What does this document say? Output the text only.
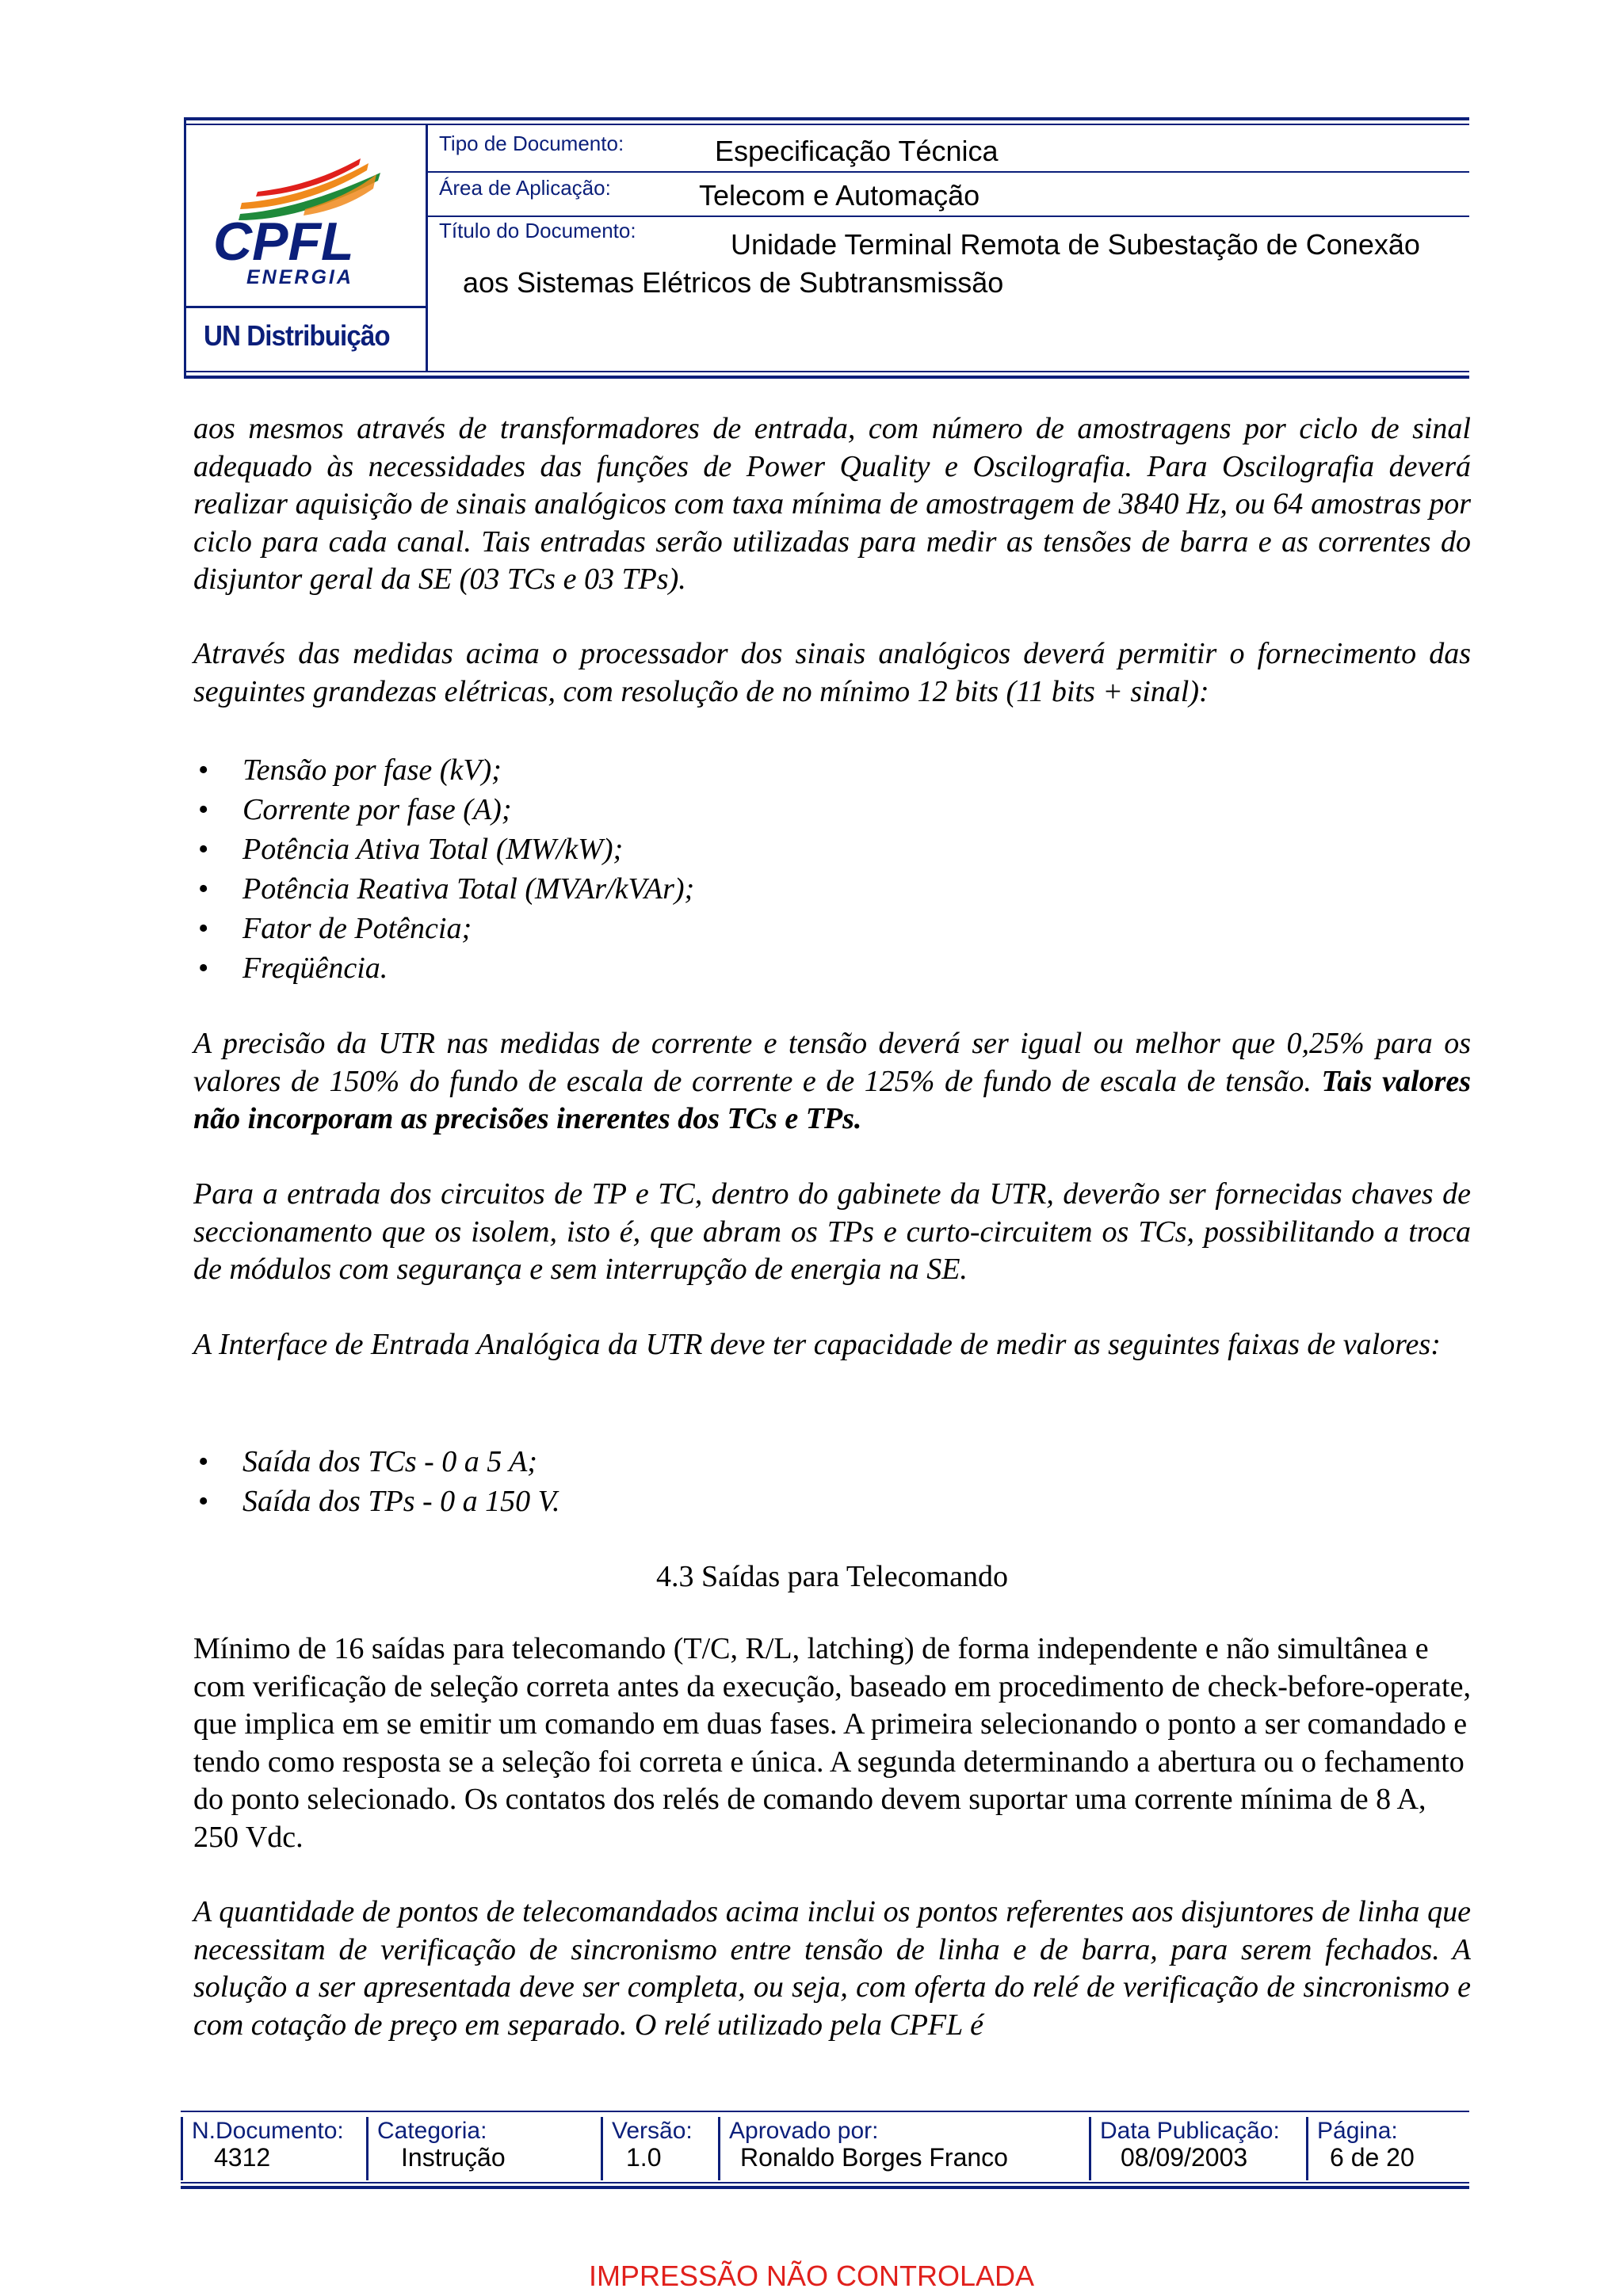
CPFL
ENERGIA
UN Distribuição
Tipo de Documento:	Especificação Técnica
Área de Aplicação:	Telecom e Automação
Título do Documento:	Unidade Terminal Remota de Subestação de Conexão
aos Sistemas Elétricos de Subtransmissão

aos mesmos através de transformadores de entrada, com número de amostragens por ciclo de sinal adequado às necessidades das funções de Power Quality e Oscilografia. Para Oscilografia deverá realizar aquisição de sinais analógicos com taxa mínima de amostragem de 3840 Hz, ou 64 amostras por ciclo para cada canal. Tais entradas serão utilizadas para medir as tensões de barra e as correntes do disjuntor geral da SE (03 TCs e 03 TPs).

Através das medidas acima o processador dos sinais analógicos deverá permitir o fornecimento das seguintes grandezas elétricas, com resolução de no mínimo 12 bits (11 bits + sinal):

• Tensão por fase (kV);
• Corrente por fase (A);
• Potência Ativa Total (MW/kW);
• Potência Reativa Total (MVAr/kVAr);
• Fator de Potência;
• Freqüência.

A precisão da UTR nas medidas de corrente e tensão deverá ser igual ou melhor que 0,25% para os valores de 150% do fundo de escala de corrente e de 125% de fundo de escala de tensão. Tais valores não incorporam as precisões inerentes dos TCs e TPs.

Para a entrada dos circuitos de TP e TC, dentro do gabinete da UTR, deverão ser fornecidas chaves de seccionamento que os isolem, isto é, que abram os TPs e curto-circuitem os TCs, possibilitando a troca de módulos com segurança e sem interrupção de energia na SE.

A Interface de Entrada Analógica da UTR deve ter capacidade de medir as seguintes faixas de valores:

• Saída dos TCs - 0 a 5 A;
• Saída dos TPs - 0 a 150 V.
4.3 Saídas para Telecomando

Mínimo de 16 saídas para telecomando (T/C, R/L, latching) de forma independente e não simultânea e com verificação de seleção correta antes da execução, baseado em procedimento de check-before-operate, que implica em se emitir um comando em duas fases. A primeira selecionando o ponto a ser comandado e tendo como resposta se a seleção foi correta e única. A segunda determinando a abertura ou o fechamento do ponto selecionado. Os contatos dos relés de comando devem suportar uma corrente mínima de 8 A, 250 Vdc.

A quantidade de pontos de telecomandados acima inclui os pontos referentes aos disjuntores de linha que necessitam de verificação de sincronismo entre tensão de linha e de barra, para serem fechados. A solução a ser apresentada deve ser completa, ou seja, com oferta do relé de verificação de sincronismo e com cotação de preço em separado. O relé utilizado pela CPFL é

N.Documento:
4312
Categoria:
Instrução
Versão:
1.0
Aprovado por:
Ronaldo Borges Franco
Data Publicação:
08/09/2003
Página:
6 de 20
IMPRESSÃO NÃO CONTROLADA
